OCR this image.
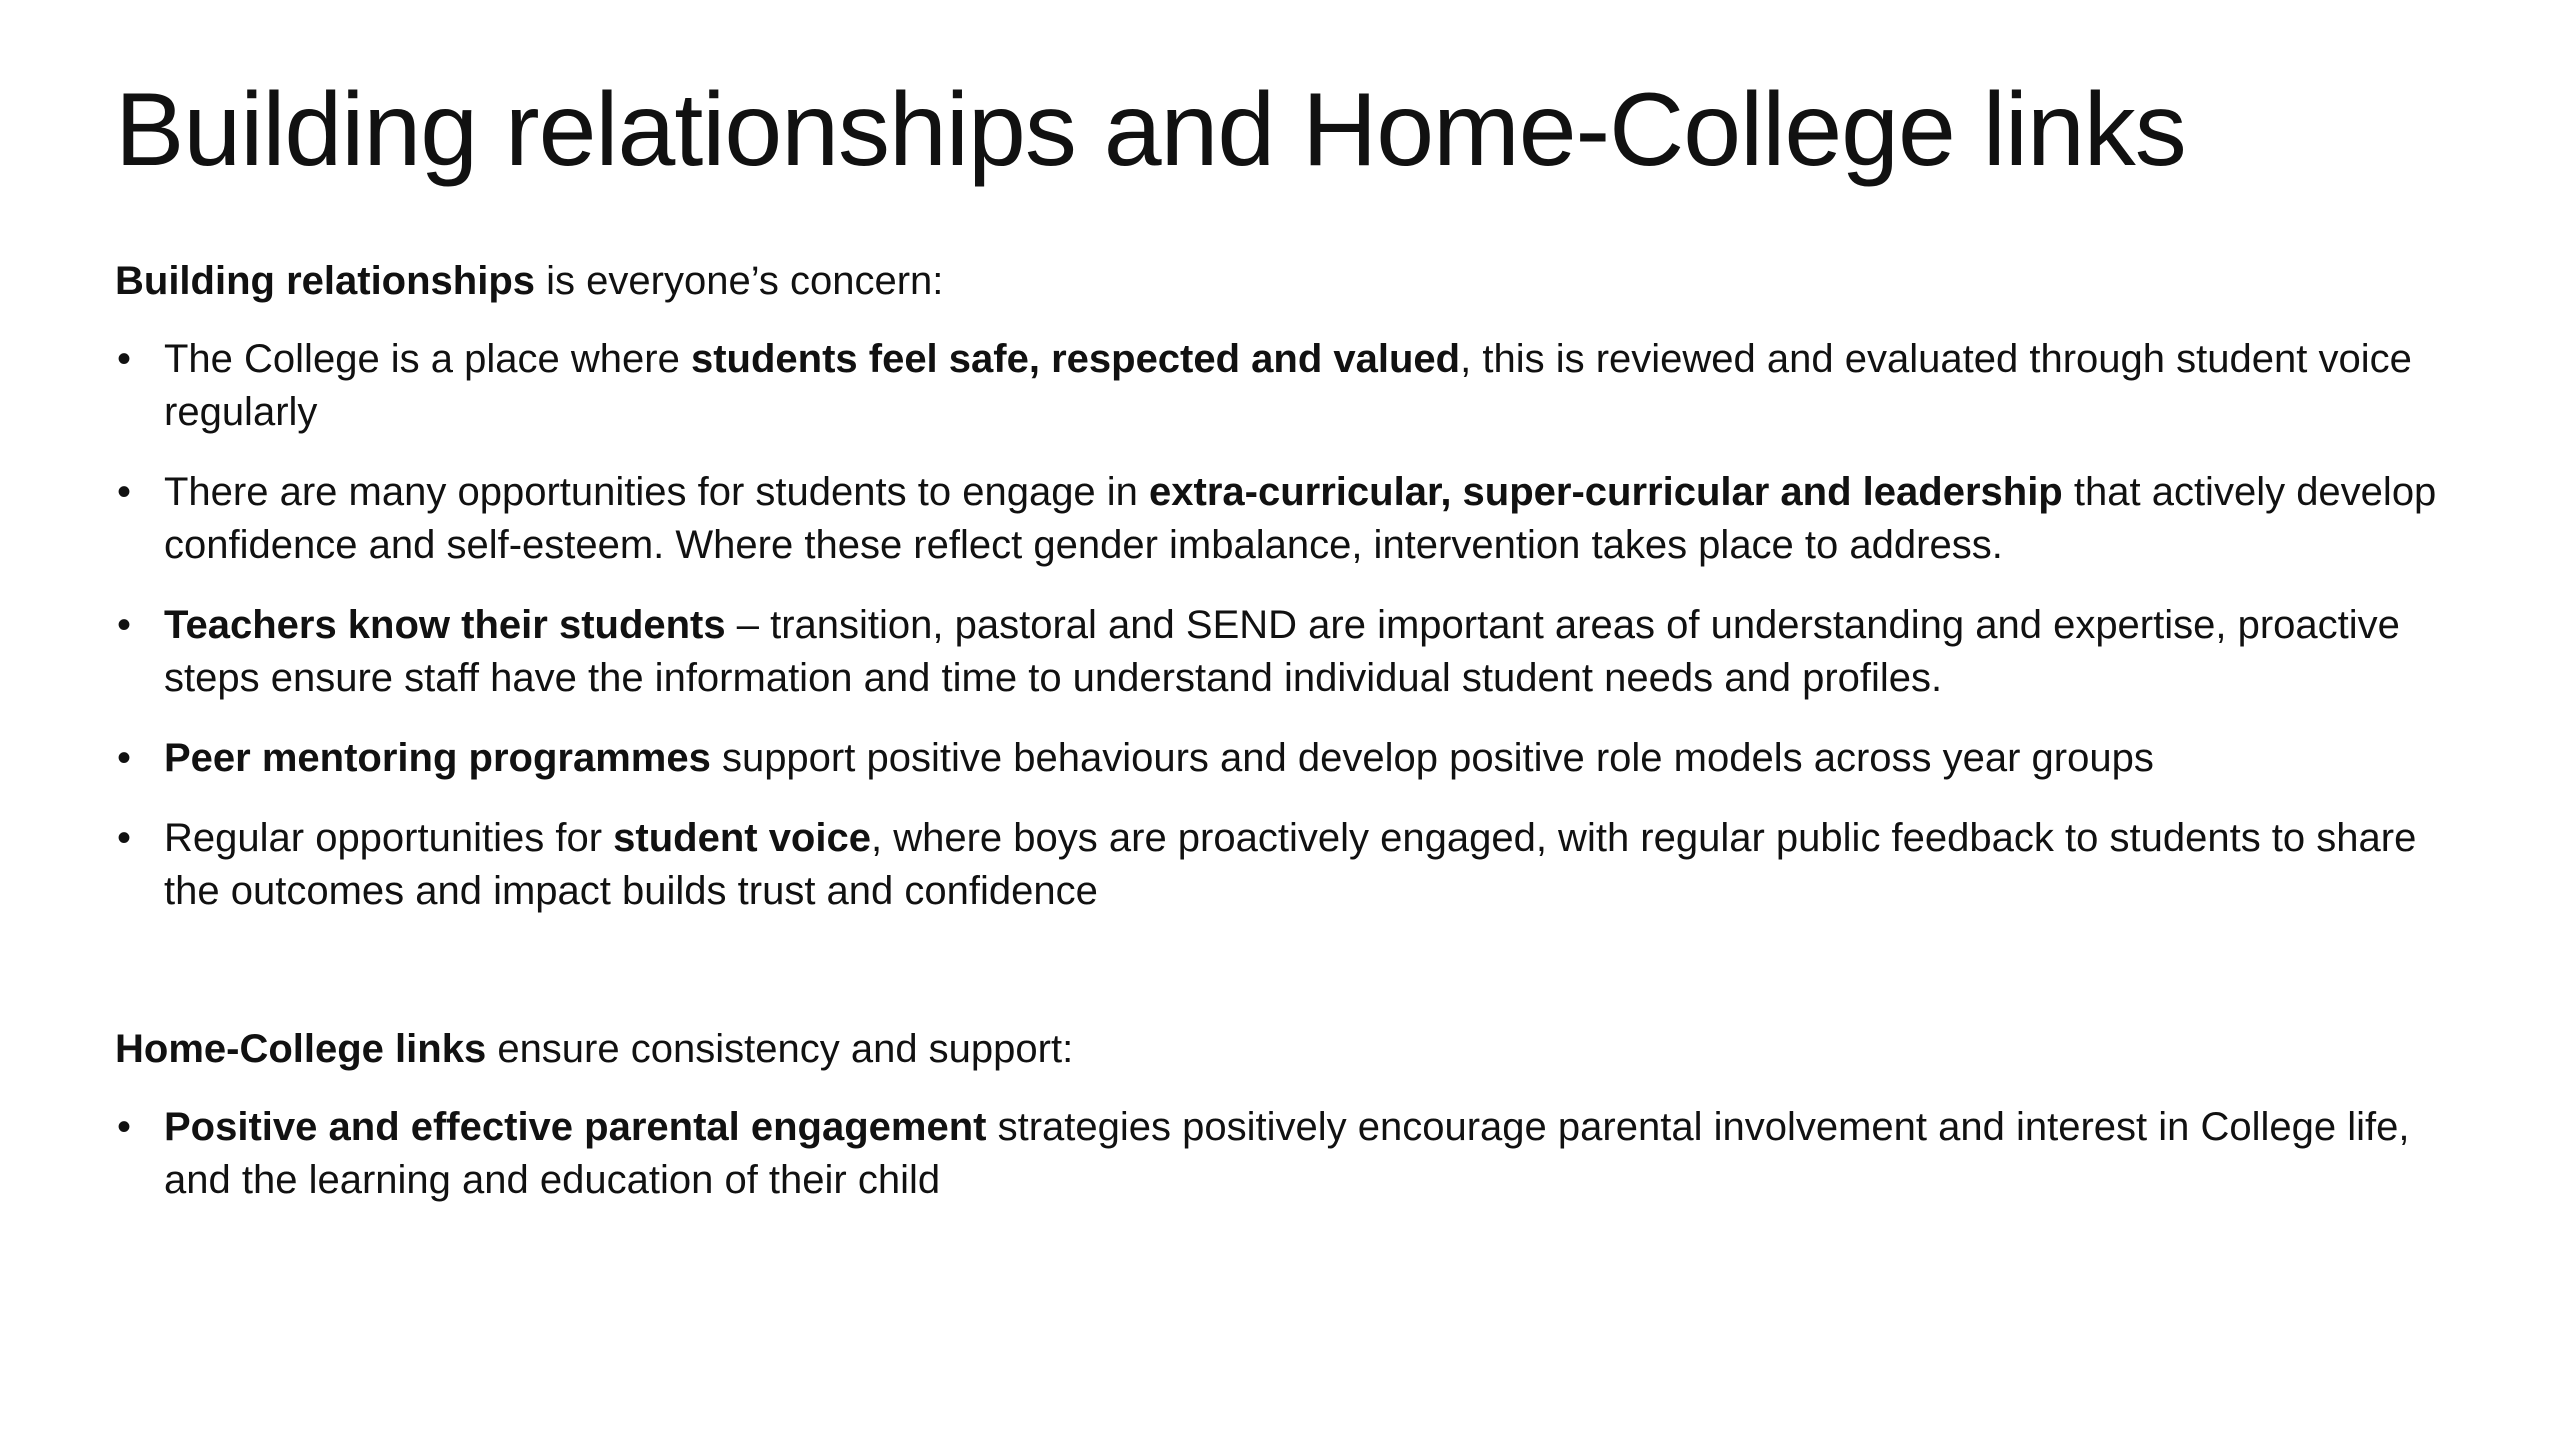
Building relationships and Home-College links

Building relationships is everyone’s concern:

• The College is a place where students feel safe, respected and valued, this is reviewed and evaluated through student voice regularly
• There are many opportunities for students to engage in extra-curricular, super-curricular and leadership that actively develop confidence and self-esteem. Where these reflect gender imbalance, intervention takes place to address.
• Teachers know their students – transition, pastoral and SEND are important areas of understanding and expertise, proactive steps ensure staff have the information and time to understand individual student needs and profiles.
• Peer mentoring programmes support positive behaviours and develop positive role models across year groups
• Regular opportunities for student voice, where boys are proactively engaged, with regular public feedback to students to share the outcomes and impact builds trust and confidence

Home-College links ensure consistency and support:

• Positive and effective parental engagement strategies positively encourage parental involvement and interest in College life, and the learning and education of their child
